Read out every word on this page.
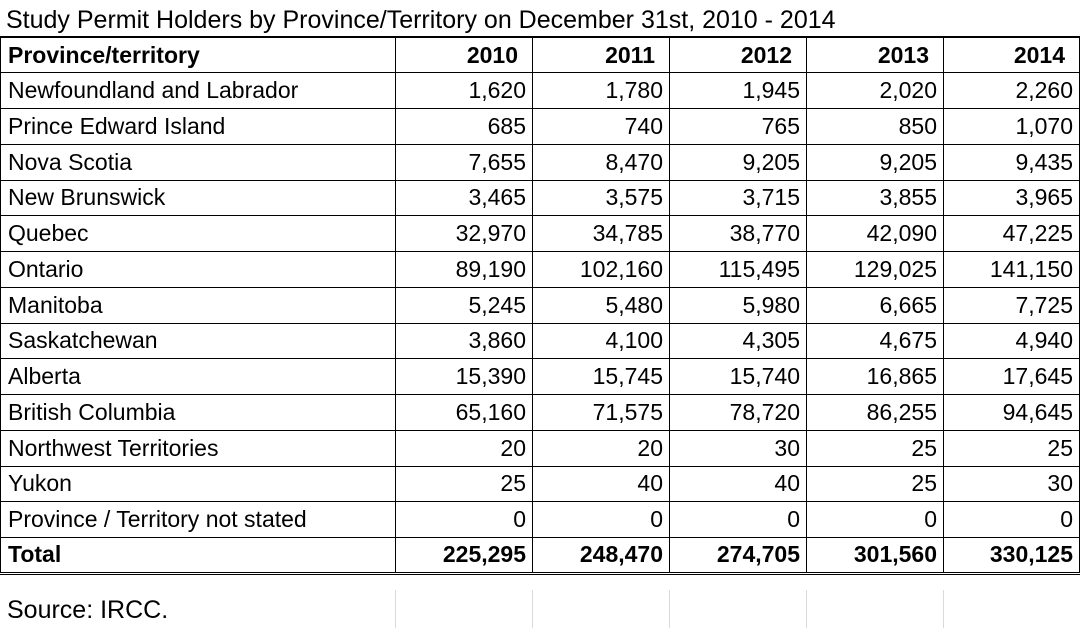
Study Permit Holders by Province/Territory on December 31st, 2010 - 2014
Province/territory	2010	2011	2012	2013	2014
Newfoundland and Labrador	1,620	1,780	1,945	2,020	2,260
Prince Edward Island	685	740	765	850	1,070
Nova Scotia	7,655	8,470	9,205	9,205	9,435
New Brunswick	3,465	3,575	3,715	3,855	3,965
Quebec	32,970	34,785	38,770	42,090	47,225
Ontario	89,190	102,160	115,495	129,025	141,150
Manitoba	5,245	5,480	5,980	6,665	7,725
Saskatchewan	3,860	4,100	4,305	4,675	4,940
Alberta	15,390	15,745	15,740	16,865	17,645
British Columbia	65,160	71,575	78,720	86,255	94,645
Northwest Territories	20	20	30	25	25
Yukon	25	40	40	25	30
Province / Territory not stated	0	0	0	0	0
Total	225,295	248,470	274,705	301,560	330,125
Source: IRCC.
